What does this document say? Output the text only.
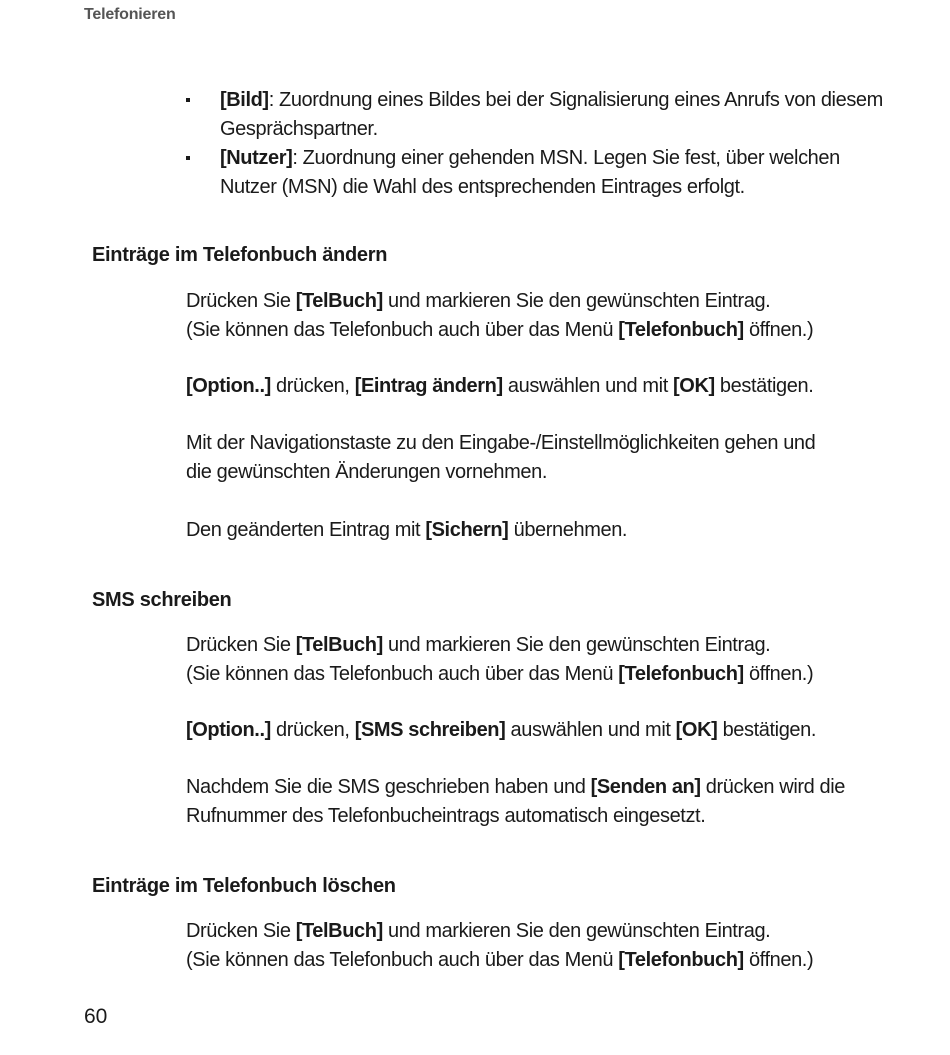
Telefonieren
[Bild]: Zuordnung eines Bildes bei der Signalisierung eines Anrufs von diesem Gesprächspartner.
[Nutzer]: Zuordnung einer gehenden MSN. Legen Sie fest, über welchen Nutzer (MSN) die Wahl des entsprechenden Eintrages erfolgt.
Einträge im Telefonbuch ändern

Drücken Sie [TelBuch] und markieren Sie den gewünschten Eintrag.
(Sie können das Telefonbuch auch über das Menü [Telefonbuch] öffnen.)

[Option..] drücken, [Eintrag ändern] auswählen und mit [OK] bestätigen.

Mit der Navigationstaste zu den Eingabe-/Einstellmöglichkeiten gehen und die gewünschten Änderungen vornehmen.

Den geänderten Eintrag mit [Sichern] übernehmen.

SMS schreiben

Drücken Sie [TelBuch] und markieren Sie den gewünschten Eintrag.
(Sie können das Telefonbuch auch über das Menü [Telefonbuch] öffnen.)

[Option..] drücken, [SMS schreiben] auswählen und mit [OK] bestätigen.

Nachdem Sie die SMS geschrieben haben und [Senden an] drücken wird die Rufnummer des Telefonbucheintrags automatisch eingesetzt.

Einträge im Telefonbuch löschen

Drücken Sie [TelBuch] und markieren Sie den gewünschten Eintrag.
(Sie können das Telefonbuch auch über das Menü [Telefonbuch] öffnen.)

60
